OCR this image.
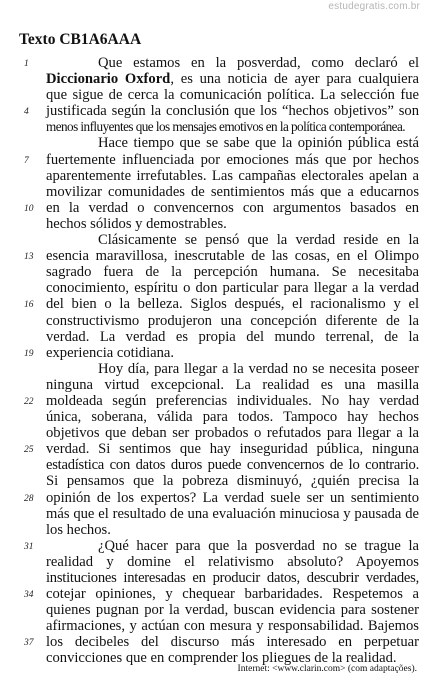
estudegratis.com.br
Texto CB1A6AAA
1	Que estamos en la posverdad, como declaró el
Diccionario Oxford, es una noticia de ayer para cualquiera
que sigue de cerca la comunicación política. La selección fue
4	justificada según la conclusión que los “hechos objetivos” son
menos influyentes que los mensajes emotivos en la política contemporánea.
Hace tiempo que se sabe que la opinión pública está
7	fuertemente influenciada por emociones más que por hechos
aparentemente irrefutables. Las campañas electorales apelan a
movilizar comunidades de sentimientos más que a educarnos
10 en la verdad o convencernos con argumentos basados en
hechos sólidos y demostrables.
Clásicamente se pensó que la verdad reside en la
13 esencia maravillosa, inescrutable de las cosas, en el Olimpo
sagrado fuera de la percepción humana. Se necesitaba
conocimiento, espíritu o don particular para llegar a la verdad
16 del bien o la belleza. Siglos después, el racionalismo y el
constructivismo produjeron una concepción diferente de la
verdad. La verdad es propia del mundo terrenal, de la
19 experiencia cotidiana.
Hoy día, para llegar a la verdad no se necesita poseer
ninguna virtud excepcional. La realidad es una masilla
22 moldeada según preferencias individuales. No hay verdad
única, soberana, válida para todos. Tampoco hay hechos
objetivos que deban ser probados o refutados para llegar a la
25 verdad. Si sentimos que hay inseguridad pública, ninguna
estadística con datos duros puede convencernos de lo contrario.
Si pensamos que la pobreza disminuyó, ¿quién precisa la
28 opinión de los expertos? La verdad suele ser un sentimiento
más que el resultado de una evaluación minuciosa y pausada de
los hechos.
31	¿Qué hacer para que la posverdad no se trague la
realidad y domine el relativismo absoluto? Apoyemos
instituciones interesadas en producir datos, descubrir verdades,
34 cotejar opiniones, y chequear barbaridades. Respetemos a
quienes pugnan por la verdad, buscan evidencia para sostener
afirmaciones, y actúan con mesura y responsabilidad. Bajemos
37 los decibeles del discurso más interesado en perpetuar
convicciones que en comprender los pliegues de la realidad.
Internet: <www.clarin.com> (com adaptações).
